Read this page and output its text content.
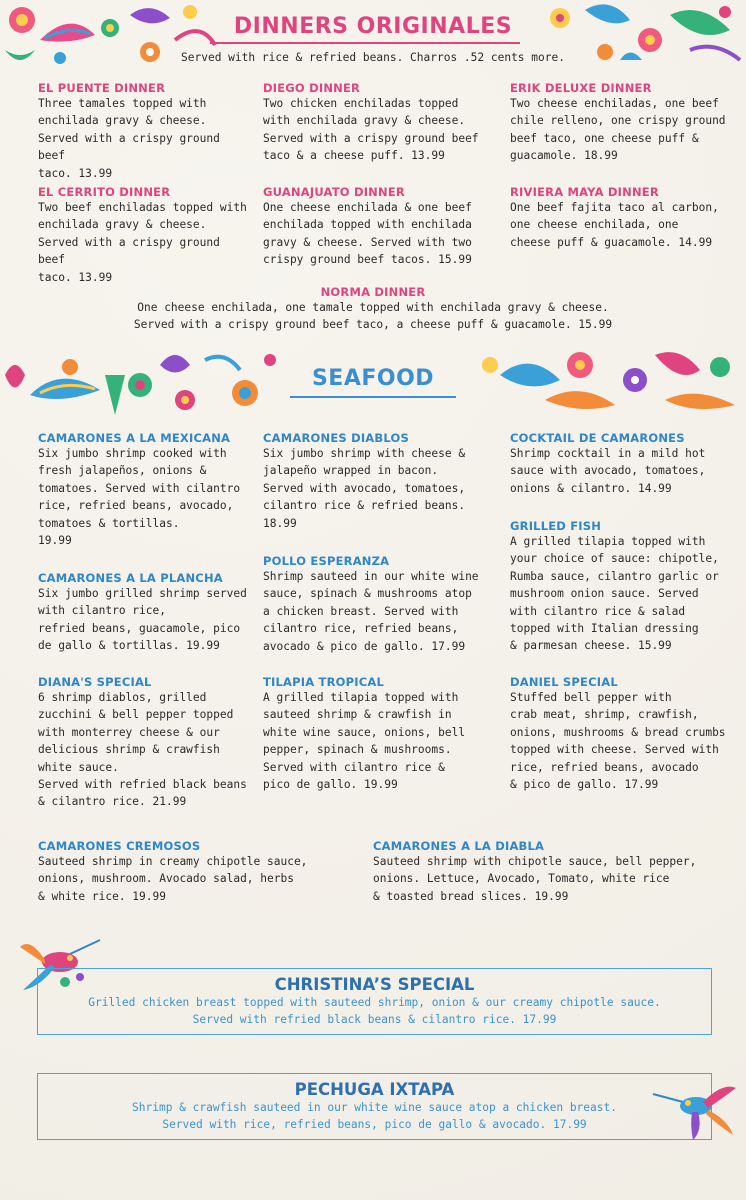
DINNERS ORIGINALES
Served with rice & refried beans. Charros .52 cents more.
EL PUENTE DINNER
Three tamales topped with
enchilada gravy & cheese.
Served with a crispy ground beef
taco. 13.99
DIEGO DINNER
Two chicken enchiladas topped
with enchilada gravy & cheese.
Served with a crispy ground beef
taco & a cheese puff. 13.99
ERIK DELUXE DINNER
Two cheese enchiladas, one beef
chile relleno, one crispy ground
beef taco, one cheese puff &
guacamole. 18.99
EL CERRITO DINNER
Two beef enchiladas topped with
enchilada gravy & cheese.
Served with a crispy ground beef
taco. 13.99
GUANAJUATO DINNER
One cheese enchilada & one beef
enchilada topped with enchilada
gravy & cheese. Served with two
crispy ground beef tacos. 15.99
RIVIERA MAYA DINNER
One beef fajita taco al carbon,
one cheese enchilada, one
cheese puff & guacamole. 14.99
NORMA DINNER
One cheese enchilada, one tamale topped with enchilada gravy & cheese.
Served with a crispy ground beef taco, a cheese puff & guacamole. 15.99
SEAFOOD
CAMARONES A LA MEXICANA
Six jumbo shrimp cooked with
fresh jalapeños, onions &
tomatoes. Served with cilantro
rice, refried beans, avocado,
tomatoes & tortillas.
19.99
CAMARONES A LA PLANCHA
Six jumbo grilled shrimp served
with cilantro rice,
refried beans, guacamole, pico
de gallo & tortillas. 19.99
DIANA'S SPECIAL
6 shrimp diablos, grilled
zucchini & bell pepper topped
with monterrey cheese & our
delicious shrimp & crawfish
white sauce.
Served with refried black beans
& cilantro rice. 21.99
CAMARONES DIABLOS
Six jumbo shrimp with cheese &
jalapeño wrapped in bacon.
Served with avocado, tomatoes,
cilantro rice & refried beans.
18.99
POLLO ESPERANZA
Shrimp sauteed in our white wine
sauce, spinach & mushrooms atop
a chicken breast. Served with
cilantro rice, refried beans,
avocado & pico de gallo. 17.99
TILAPIA TROPICAL
A grilled tilapia topped with
sauteed shrimp & crawfish in
white wine sauce, onions, bell
pepper, spinach & mushrooms.
Served with cilantro rice &
pico de gallo. 19.99
COCKTAIL DE CAMARONES
Shrimp cocktail in a mild hot
sauce with avocado, tomatoes,
onions & cilantro. 14.99
GRILLED FISH
A grilled tilapia topped with
your choice of sauce: chipotle,
Rumba sauce, cilantro garlic or
mushroom onion sauce. Served
with cilantro rice & salad
topped with Italian dressing
& parmesan cheese. 15.99
DANIEL SPECIAL
Stuffed bell pepper with
crab meat, shrimp, crawfish,
onions, mushrooms & bread crumbs
topped with cheese. Served with
rice, refried beans, avocado
& pico de gallo. 17.99
CAMARONES CREMOSOS
Sauteed shrimp in creamy chipotle sauce,
onions, mushroom. Avocado salad, herbs
& white rice. 19.99
CAMARONES A LA DIABLA
Sauteed shrimp with chipotle sauce, bell pepper,
onions. Lettuce, Avocado, Tomato, white rice
& toasted bread slices. 19.99
CHRISTINA’S SPECIAL
Grilled chicken breast topped with sauteed shrimp, onion & our creamy chipotle sauce.
Served with refried black beans & cilantro rice. 17.99
PECHUGA IXTAPA
Shrimp & crawfish sauteed in our white wine sauce atop a chicken breast.
Served with rice, refried beans, pico de gallo & avocado. 17.99
